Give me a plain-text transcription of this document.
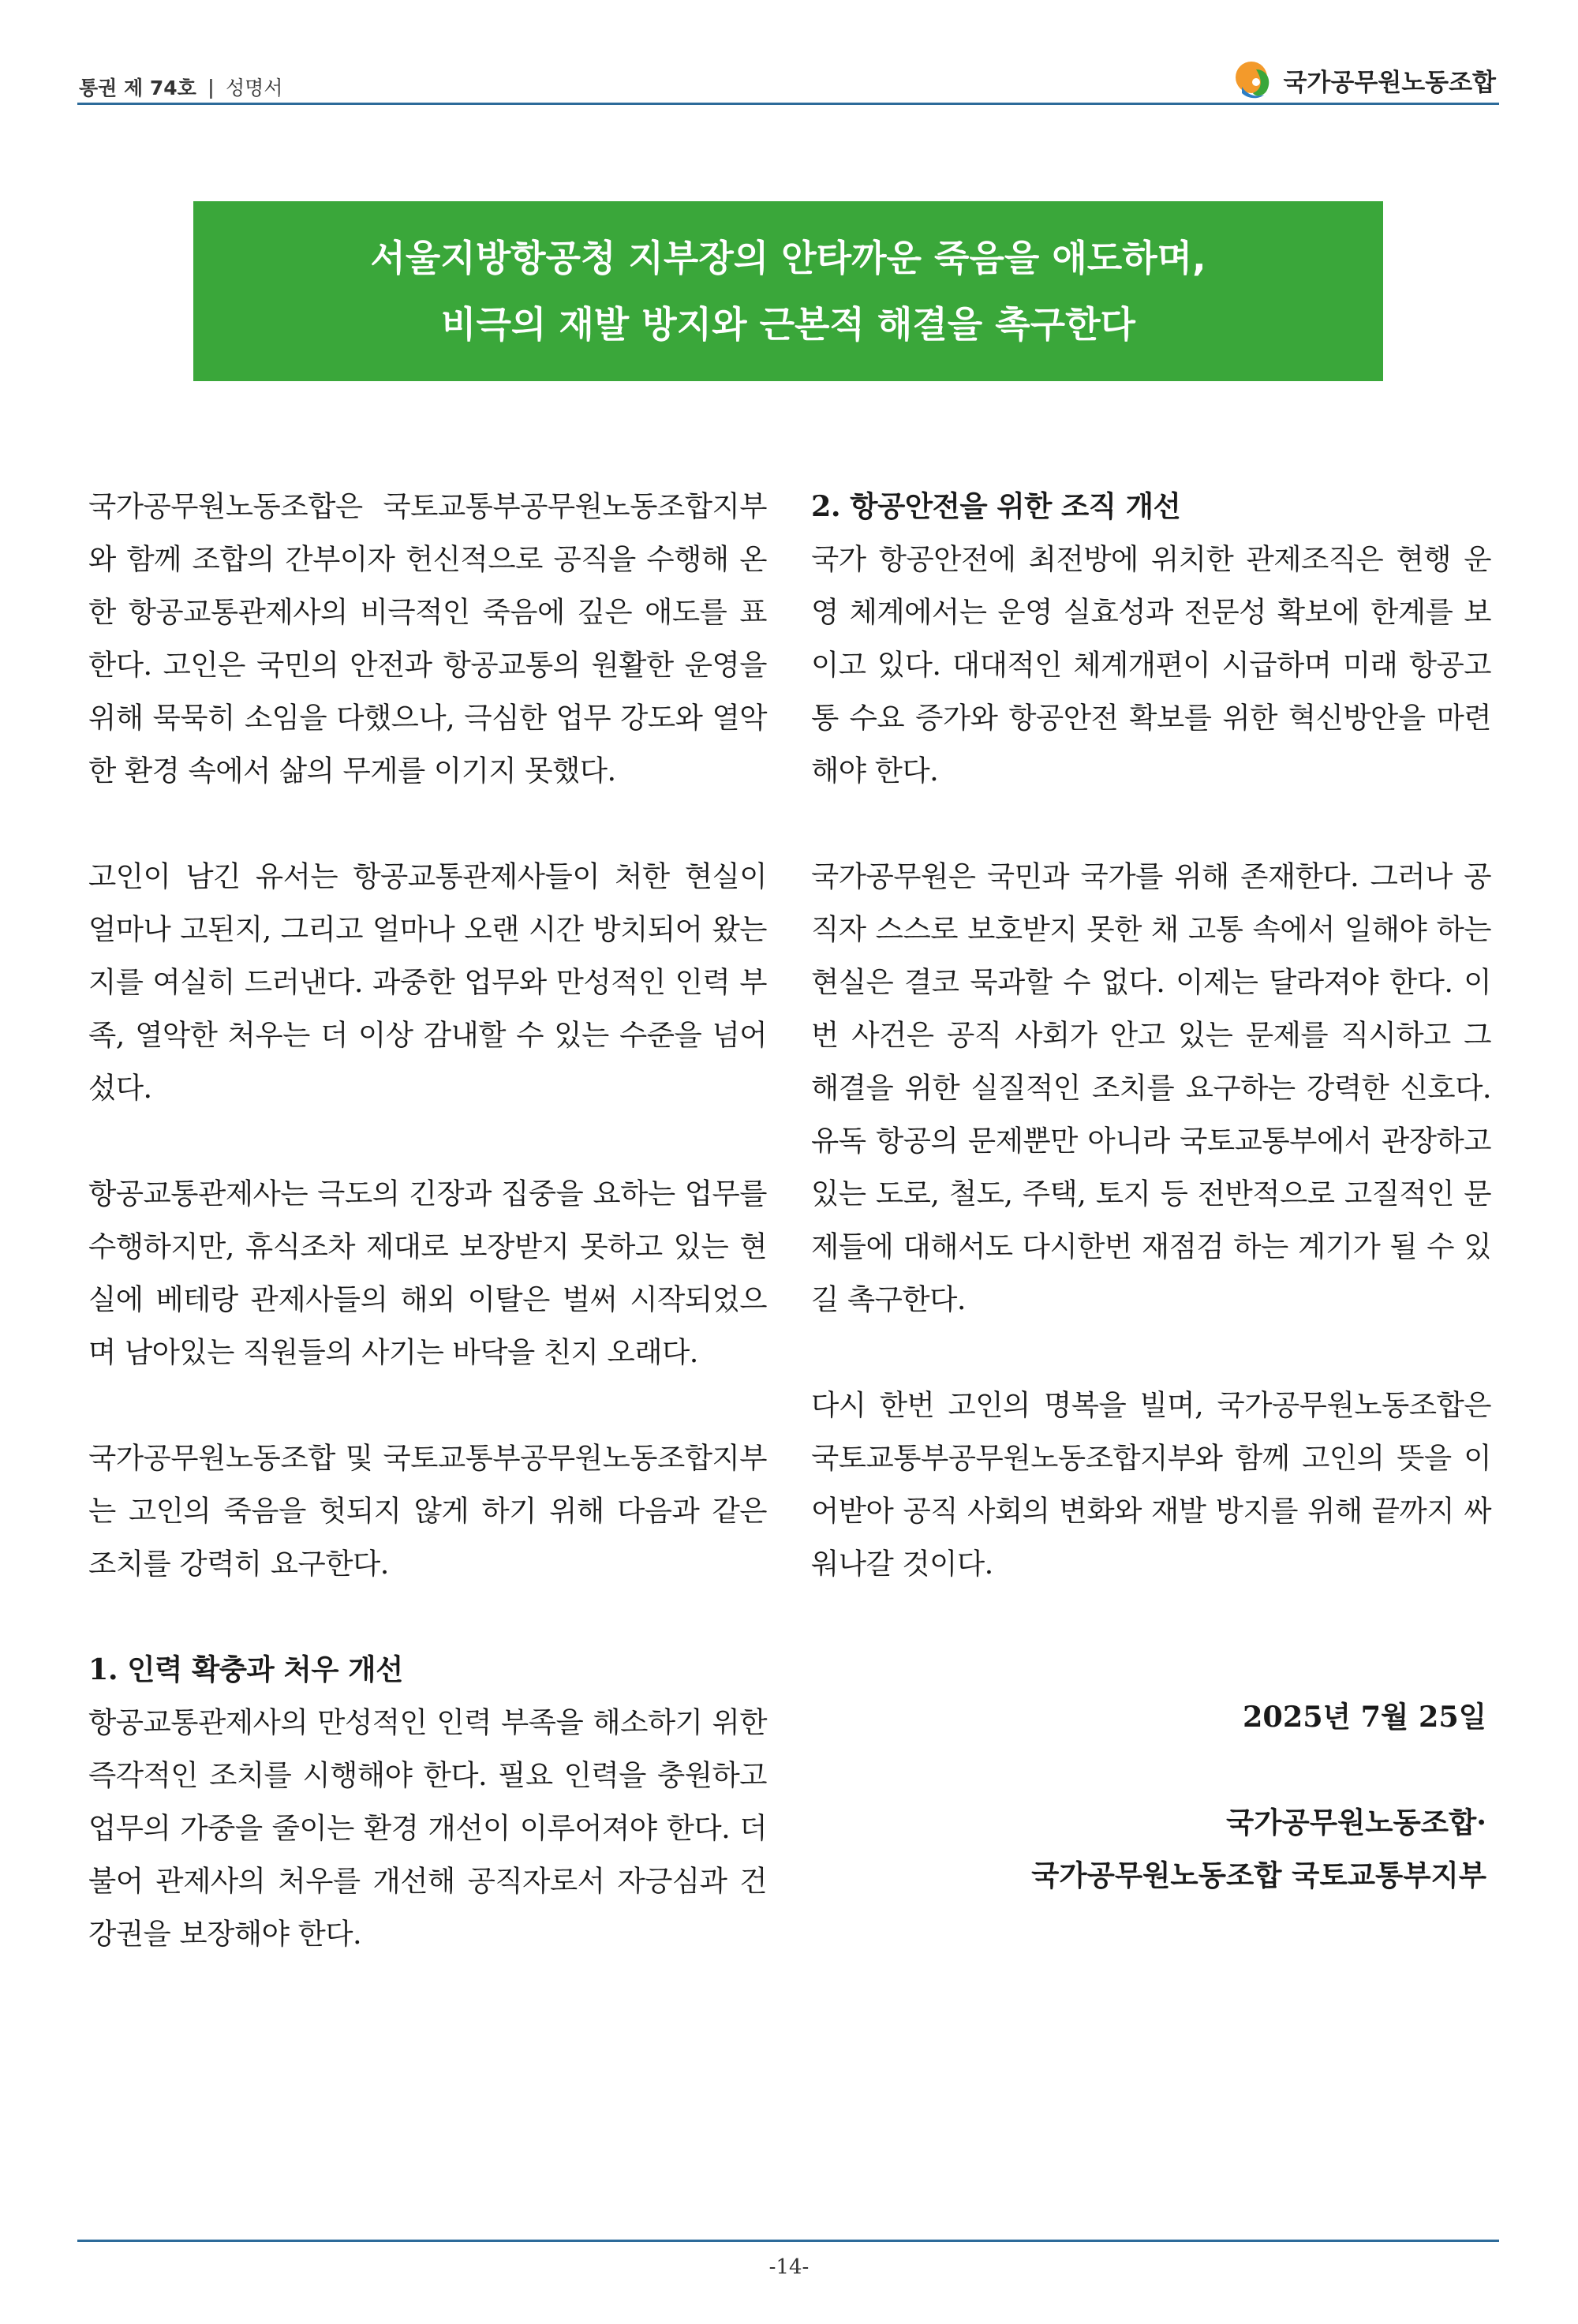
통권 제 74호 | 성명서	국가공무원노동조합
서울지방항공청 지부장의 안타까운 죽음을 애도하며,
비극의 재발 방지와 근본적 해결을 촉구한다

국가공무원노동조합은 국토교통부공무원노동조합지부와 함께 조합의 간부이자 헌신적으로 공직을 수행해 온 한 항공교통관제사의 비극적인 죽음에 깊은 애도를 표한다. 고인은 국민의 안전과 항공교통의 원활한 운영을 위해 묵묵히 소임을 다했으나, 극심한 업무 강도와 열악한 환경 속에서 삶의 무게를 이기지 못했다.

고인이 남긴 유서는 항공교통관제사들이 처한 현실이 얼마나 고된지, 그리고 얼마나 오랜 시간 방치되어 왔는지를 여실히 드러낸다. 과중한 업무와 만성적인 인력 부족, 열악한 처우는 더 이상 감내할 수 있는 수준을 넘어섰다.

항공교통관제사는 극도의 긴장과 집중을 요하는 업무를 수행하지만, 휴식조차 제대로 보장받지 못하고 있는 현실에 베테랑 관제사들의 해외 이탈은 벌써 시작되었으며 남아있는 직원들의 사기는 바닥을 친지 오래다.

국가공무원노동조합 및 국토교통부공무원노동조합지부는 고인의 죽음을 헛되지 않게 하기 위해 다음과 같은 조치를 강력히 요구한다.

1. 인력 확충과 처우 개선

항공교통관제사의 만성적인 인력 부족을 해소하기 위한 즉각적인 조치를 시행해야 한다. 필요 인력을 충원하고 업무의 가중을 줄이는 환경 개선이 이루어져야 한다. 더불어 관제사의 처우를 개선해 공직자로서 자긍심과 건강권을 보장해야 한다.

2. 항공안전을 위한 조직 개선

국가 항공안전에 최전방에 위치한 관제조직은 현행 운영 체계에서는 운영 실효성과 전문성 확보에 한계를 보이고 있다. 대대적인 체계개편이 시급하며 미래 항공고통 수요 증가와 항공안전 확보를 위한 혁신방안을 마련해야 한다.

국가공무원은 국민과 국가를 위해 존재한다. 그러나 공직자 스스로 보호받지 못한 채 고통 속에서 일해야 하는 현실은 결코 묵과할 수 없다. 이제는 달라져야 한다. 이번 사건은 공직 사회가 안고 있는 문제를 직시하고 그 해결을 위한 실질적인 조치를 요구하는 강력한 신호다. 유독 항공의 문제뿐만 아니라 국토교통부에서 관장하고 있는 도로, 철도, 주택, 토지 등 전반적으로 고질적인 문제들에 대해서도 다시한번 재점검 하는 계기가 될 수 있길 촉구한다.

다시 한번 고인의 명복을 빌며, 국가공무원노동조합은 국토교통부공무원노동조합지부와 함께 고인의 뜻을 이어받아 공직 사회의 변화와 재발 방지를 위해 끝까지 싸워나갈 것이다.

2025년 7월 25일
국가공무원노동조합·
국가공무원노동조합 국토교통부지부
-14-
